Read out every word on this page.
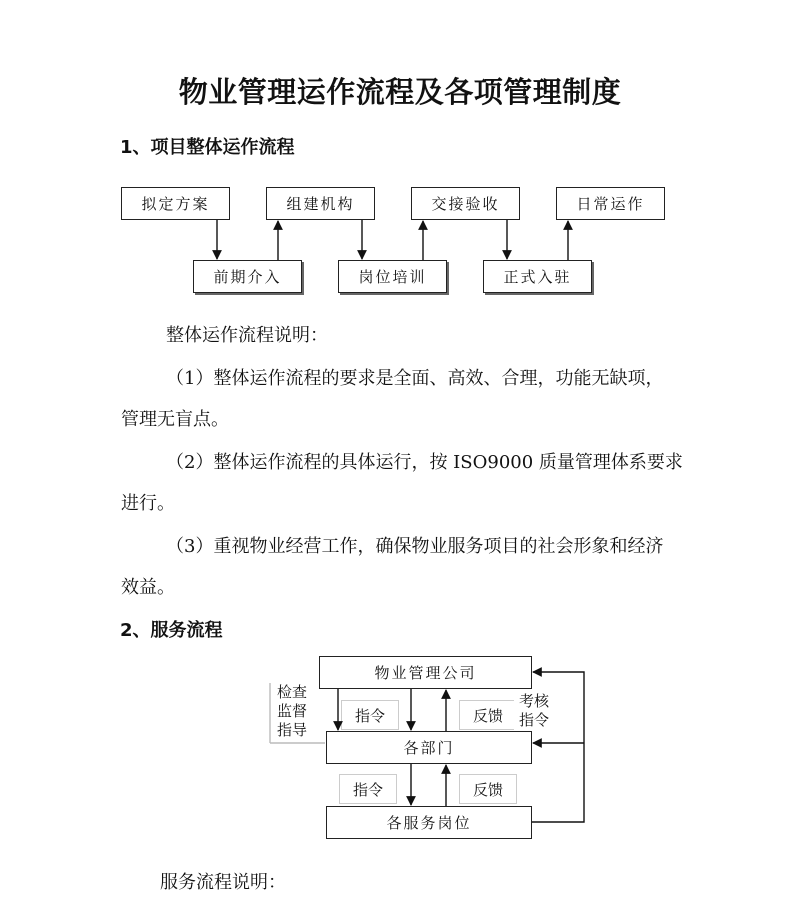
物业管理运作流程及各项管理制度
1、项目整体运作流程
拟定方案	组建机构	交接验收	日常运作
前期介入	岗位培训	正式入驻
整体运作流程说明：
（1）整体运作流程的要求是全面、高效、合理，功能无缺项，
管理无盲点。
（2）整体运作流程的具体运行，按 ISO9000 质量管理体系要求
进行。
（3）重视物业经营工作，确保物业服务项目的社会形象和经济
效益。
2、服务流程
物业管理公司
各部门
各服务岗位
指令	反馈
指令	反馈
检查
监督
指导
考核
指令
服务流程说明：
